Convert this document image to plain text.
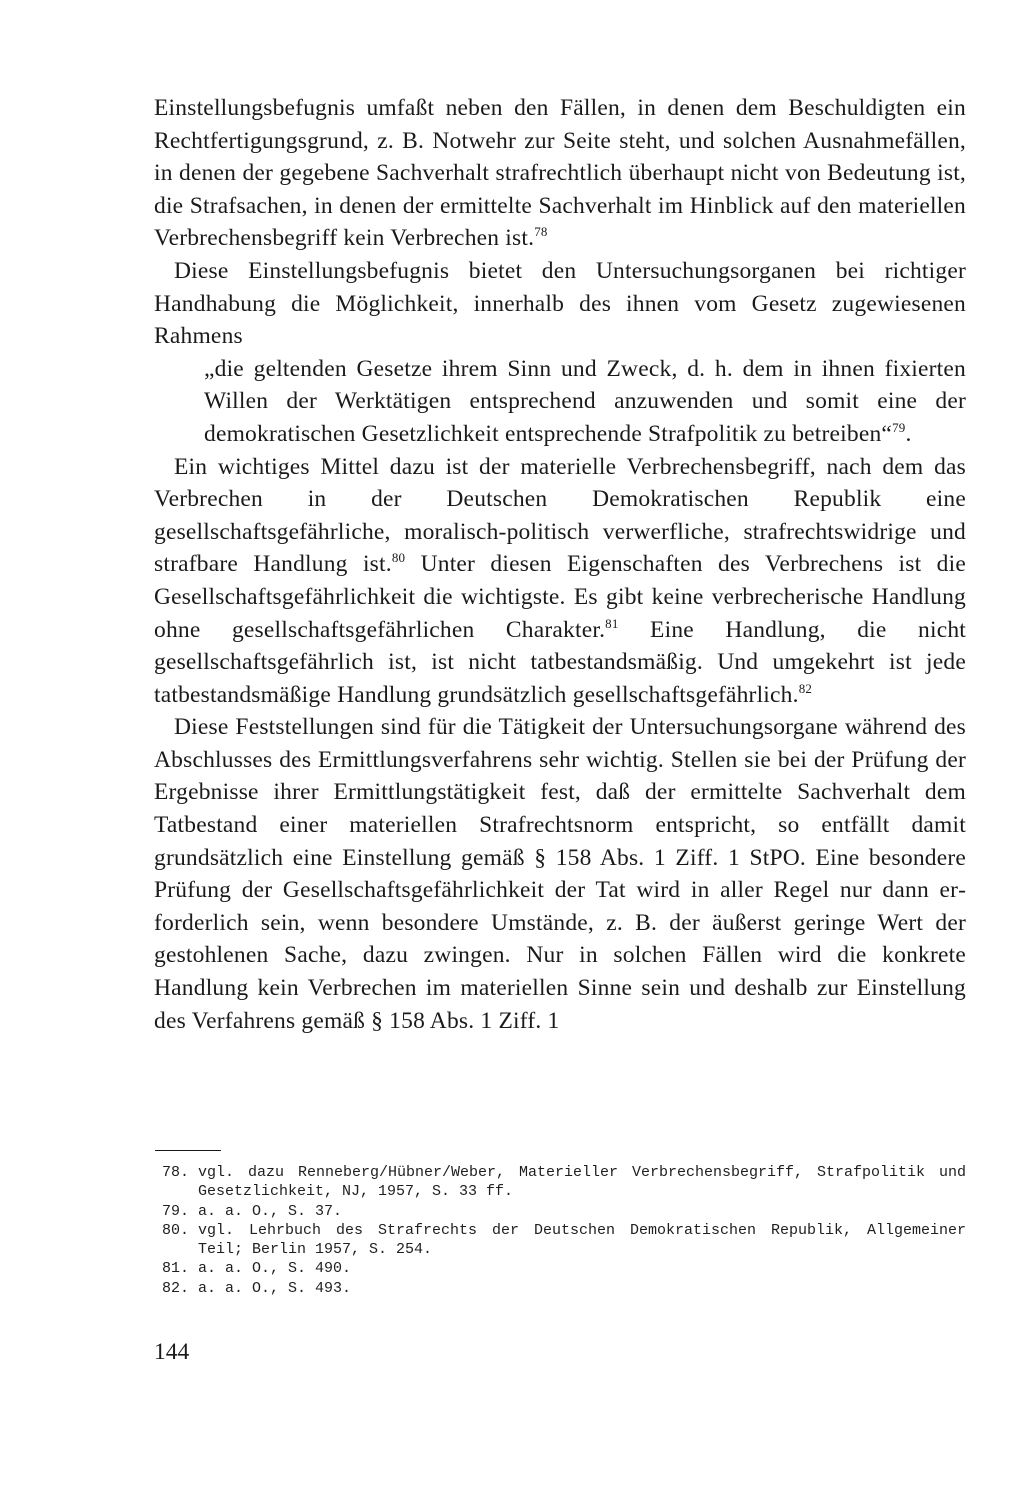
Einstellungsbefugnis umfaßt neben den Fällen, in denen dem Beschuldigten ein Rechtfertigungsgrund, z. B. Notwehr zur Seite steht, und solchen Ausnahmefällen, in denen der gegebene Sachverhalt strafrechtlich überhaupt nicht von Bedeutung ist, die Strafsachen, in denen der ermittelte Sachverhalt im Hinblick auf den materiellen Verbrechensbegriff kein Verbrechen ist.$^{78}$

Diese Einstellungsbefugnis bietet den Untersuchungsorganen bei richtiger Handhabung die Möglichkeit, innerhalb des ihnen vom Gesetz zugewiesenen Rahmens

„die geltenden Gesetze ihrem Sinn und Zweck, d. h. dem in ihnen fixierten Willen der Werktätigen entsprechend anzuwenden und somit eine der demokratischen Gesetzlichkeit entsprechende Strafpolitik zu betreiben“$^{79}$.

Ein wichtiges Mittel dazu ist der materielle Verbrechensbegriff, nach dem das Verbrechen in der Deutschen Demokratischen Republik eine gesellschaftsgefährliche, moralisch-politisch verwerfliche, strafrechtswidrige und strafbare Handlung ist.$^{80}$ Unter diesen Eigenschaften des Verbrechens ist die Gesellschaftsgefährlichkeit die wichtigste. Es gibt keine verbrecherische Handlung ohne gesellschaftsgefährlichen Charakter.$^{81}$ Eine Handlung, die nicht gesellschaftsgefährlich ist, ist nicht tatbestandsmäßig. Und umgekehrt ist jede tatbestandsmäßige Handlung grundsätzlich gesellschaftsgefährlich.$^{82}$

Diese Feststellungen sind für die Tätigkeit der Untersuchungsorgane während des Abschlusses des Ermittlungsverfahrens sehr wichtig. Stellen sie bei der Prüfung der Ergebnisse ihrer Ermittlungstätigkeit fest, daß der ermittelte Sachverhalt dem Tatbestand einer materiellen Strafrechtsnorm entspricht, so entfällt damit grundsätzlich eine Einstellung gemäß § 158 Abs. 1 Ziff. 1 StPO. Eine besondere Prüfung der Gesellschaftsgefährlichkeit der Tat wird in aller Regel nur dann erforderlich sein, wenn besondere Umstände, z. B. der äußerst geringe Wert der gestohlenen Sache, dazu zwingen. Nur in solchen Fällen wird die konkrete Handlung kein Verbrechen im materiellen Sinne sein und deshalb zur Einstellung des Verfahrens gemäß § 158 Abs. 1 Ziff. 1

78. vgl. dazu Renneberg/Hübner/Weber, Materieller Verbrechensbegriff, Strafpolitik und Gesetzlichkeit, NJ, 1957, S. 33 ff.
79. a. a. O., S. 37.
80. vgl. Lehrbuch des Strafrechts der Deutschen Demokratischen Republik, Allgemeiner Teil; Berlin 1957, S. 254.
81. a. a. O., S. 490.
82. a. a. O., S. 493.
144
